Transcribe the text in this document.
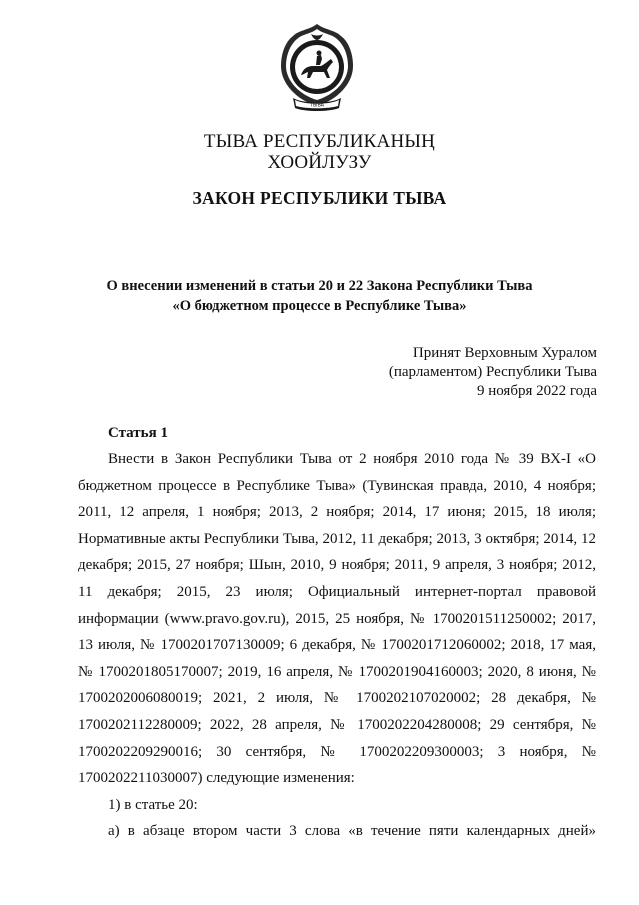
ТЫВА
ТЫВА РЕСПУБЛИКАНЫҢ
ХООЙЛУЗУ
ЗАКОН РЕСПУБЛИКИ ТЫВА
О внесении изменений в статьи 20 и 22 Закона Республики Тыва
«О бюджетном процессе в Республике Тыва»
Принят Верховным Хуралом
(парламентом) Республики Тыва
9 ноября 2022 года
Статья 1

Внести в Закон Республики Тыва от 2 ноября 2010 года № 39 ВХ-I «О бюджетном процессе в Республике Тыва» (Тувинская правда, 2010, 4 ноября; 2011, 12 апреля, 1 ноября; 2013, 2 ноября; 2014, 17 июня; 2015, 18 июля; Нормативные акты Республики Тыва, 2012, 11 декабря; 2013, 3 октября; 2014, 12 декабря; 2015, 27 ноября; Шын, 2010, 9 ноября; 2011, 9 апреля, 3 ноября; 2012, 11 декабря; 2015, 23 июля; Официальный интернет-портал правовой информации (www.pravo.gov.ru), 2015, 25 ноября, № 1700201511250002; 2017, 13 июля, № 1700201707130009; 6 декабря, № 1700201712060002; 2018, 17 мая, № 1700201805170007; 2019, 16 апреля, № 1700201904160003; 2020, 8 июня, № 1700202006080019; 2021, 2 июля, № 1700202107020002; 28 декабря, № 1700202112280009; 2022, 28 апреля, № 1700202204280008; 29 сентября, № 1700202209290016; 30 сентября, № 1700202209300003; 3 ноября, № 1700202211030007) следующие изменения:

1) в статье 20:

а) в абзаце втором части 3 слова «в течение пяти календарных дней»
